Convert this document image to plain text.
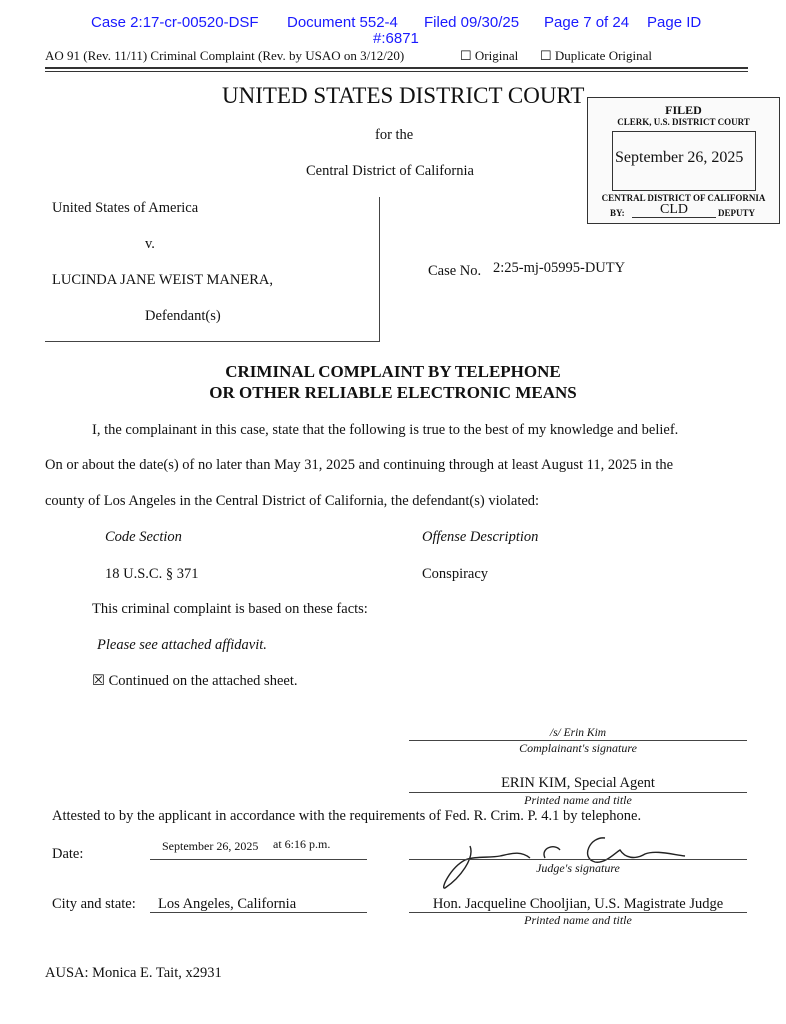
Case 2:17-cr-00520-DSF Document 552-4 Filed 09/30/25 Page 7 of 24 Page ID
#:6871
AO 91 (Rev. 11/11) Criminal Complaint (Rev. by USAO on 3/12/20)	☐ Original ☐ Duplicate Original
UNITED STATES DISTRICT COURT
for the
Central District of California
FILED
CLERK, U.S. DISTRICT COURT
September 26, 2025
CENTRAL DISTRICT OF CALIFORNIA
BY:	CLD	DEPUTY
United States of America
v.
LUCINDA JANE WEIST MANERA,
Defendant(s)
Case No. 2:25-mj-05995-DUTY
CRIMINAL COMPLAINT BY TELEPHONE
OR OTHER RELIABLE ELECTRONIC MEANS
I, the complainant in this case, state that the following is true to the best of my knowledge and belief.
On or about the date(s) of no later than May 31, 2025 and continuing through at least August 11, 2025 in the
county of Los Angeles in the Central District of California, the defendant(s) violated:
Code Section	Offense Description
18 U.S.C. § 371	Conspiracy
This criminal complaint is based on these facts:
Please see attached affidavit.
☒ Continued on the attached sheet.
/s/ Erin Kim
Complainant's signature
ERIN KIM, Special Agent
Printed name and title
Attested to by the applicant in accordance with the requirements of Fed. R. Crim. P. 4.1 by telephone.
Date:	September 26, 2025 at 6:16 p.m.
Judge's signature
City and state: Los Angeles, California	Hon. Jacqueline Chooljian, U.S. Magistrate Judge
Printed name and title
AUSA: Monica E. Tait, x2931
